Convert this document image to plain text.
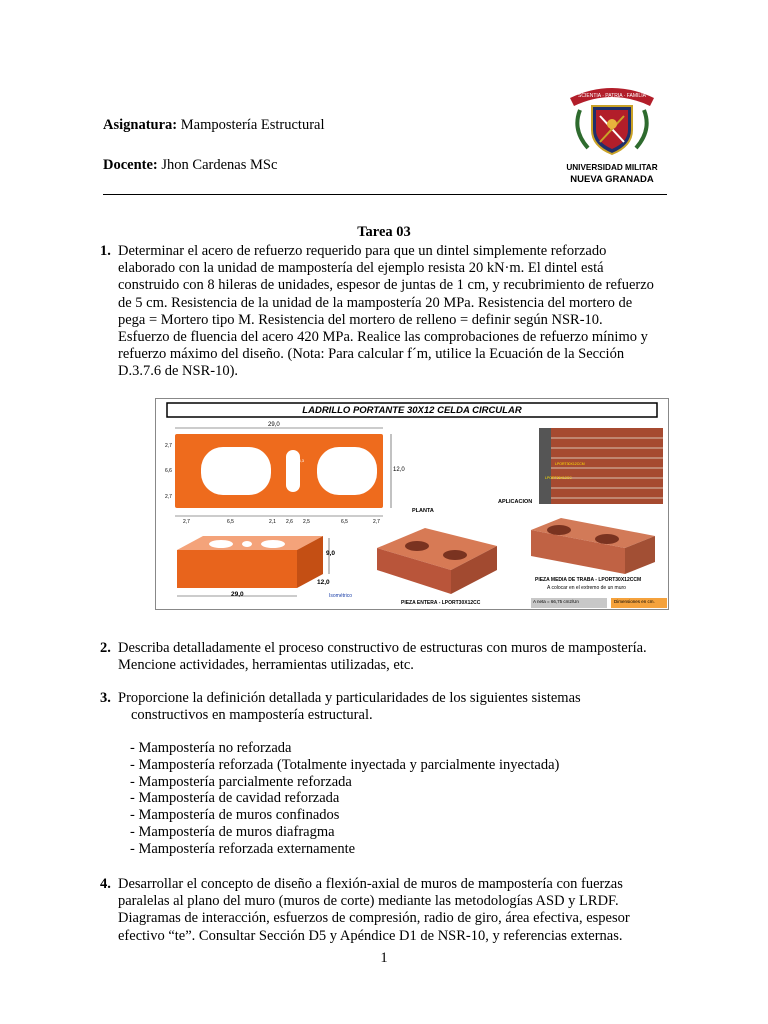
Asignatura: Mampostería Estructural
Docente: Jhon Cardenas MSc
SCIENTIA · PATRIA · FAMILIA
UNIVERSIDAD MILITAR
NUEVA GRANADA
Tarea 03
1. Determinar el acero de refuerzo requerido para que un dintel simplemente reforzado
elaborado con la unidad de mampostería del ejemplo resista 20 kN·m. El dintel está
construido con 8 hileras de unidades, espesor de juntas de 1 cm, y recubrimiento de refuerzo
de 5 cm. Resistencia de la unidad de la mampostería 20 MPa. Resistencia del mortero de
pega = Mortero tipo M. Resistencia del mortero de relleno = definir según NSR-10.
Esfuerzo de fluencia del acero 420 MPa. Realice las comprobaciones de refuerzo mínimo y
refuerzo máximo del diseño. (Nota: Para calcular f´m, utilice la Ecuación de la Sección
D.3.7.6 de NSR-10).
LADRILLO PORTANTE 30X12 CELDA CIRCULAR
29,0
12,0
2,7
6,6
2,7
2,7	6,5	2,1 2,6 2,5	6,5	2,7
R = 3,3
R = 3,3
R = 3,3
R = 3,3
1,8
1,3
R = 3,3
PLANTA
APLICACION
LPORT30X12CCM
LPORT30X12CC
9,0
12,0
29,0	Isométrico
PIEZA ENTERA - LPORT30X12CC
PIEZA MEDIA DE TRABA - LPORT30X12CCM
A colocar en el extremo de un muro
A neta = 66,75 cm2/Un	Dimensiones en cm.
2. Describa detalladamente el proceso constructivo de estructuras con muros de mampostería.
Mencione actividades, herramientas utilizadas, etc.
3. Proporcione la definición detallada y particularidades de los siguientes sistemas
constructivos en mampostería estructural.
- Mampostería no reforzada
- Mampostería reforzada (Totalmente inyectada y parcialmente inyectada)
- Mampostería parcialmente reforzada
- Mampostería de cavidad reforzada
- Mampostería de muros confinados
- Mampostería de muros diafragma
- Mampostería reforzada externamente
4. Desarrollar el concepto de diseño a flexión-axial de muros de mampostería con fuerzas
paralelas al plano del muro (muros de corte) mediante las metodologías ASD y LRDF.
Diagramas de interacción, esfuerzos de compresión, radio de giro, área efectiva, espesor
efectivo “te”. Consultar Sección D5 y Apéndice D1 de NSR-10, y referencias externas.
1
